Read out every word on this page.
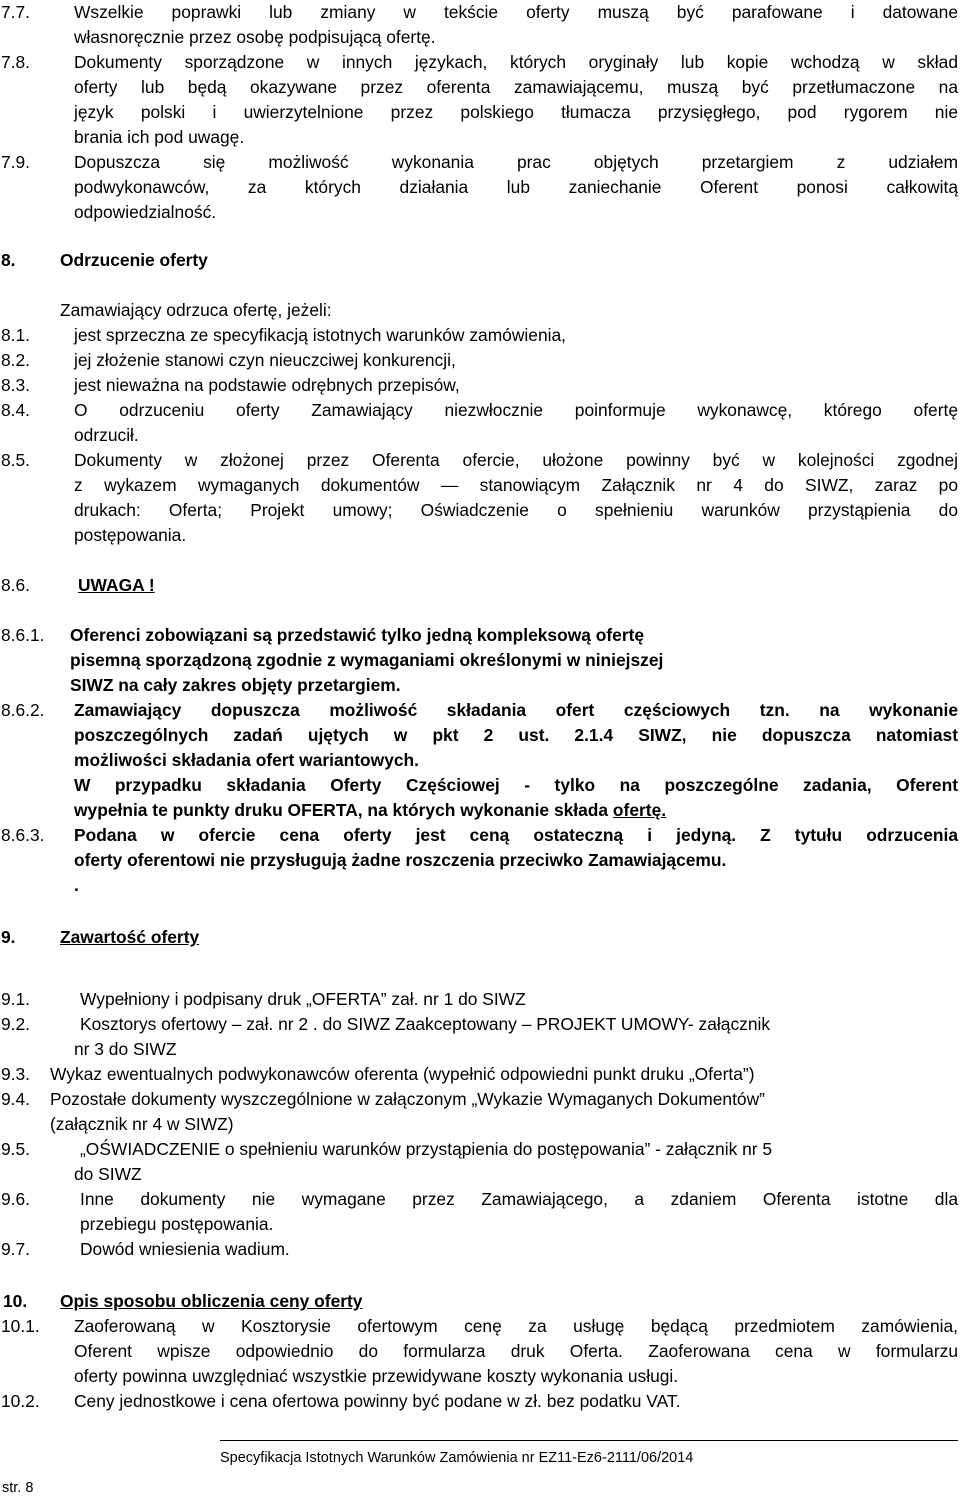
7.7.	Wszelkie poprawki lub zmiany w tekście oferty muszą być parafowane i datowane
własnoręcznie przez osobę podpisującą ofertę.
7.8.	Dokumenty sporządzone w innych językach, których oryginały lub kopie wchodzą w skład
oferty lub będą okazywane przez oferenta zamawiającemu, muszą być przetłumaczone na
język polski i uwierzytelnione przez polskiego tłumacza przysięgłego, pod rygorem nie
brania ich pod uwagę.
7.9.	Dopuszcza się możliwość wykonania prac objętych przetargiem z udziałem
podwykonawców, za których działania lub zaniechanie Oferent ponosi całkowitą
odpowiedzialność.
8.	Odrzucenie oferty
Zamawiający odrzuca ofertę, jeżeli:
8.1.	jest sprzeczna ze specyfikacją istotnych warunków zamówienia,
8.2.	jej złożenie stanowi czyn nieuczciwej konkurencji,
8.3.	jest nieważna na podstawie odrębnych przepisów,
8.4.	O odrzuceniu oferty Zamawiający niezwłocznie poinformuje wykonawcę, którego ofertę
odrzucił.
8.5.	Dokumenty w złożonej przez Oferenta ofercie, ułożone powinny być w kolejności zgodnej
z wykazem wymaganych dokumentów — stanowiącym Załącznik nr 4 do SIWZ, zaraz po
drukach: Oferta; Projekt umowy; Oświadczenie o spełnieniu warunków przystąpienia do
postępowania.
8.6.	UWAGA !
8.6.1. Oferenci zobowiązani są przedstawić tylko jedną kompleksową ofertę
pisemną sporządzoną zgodnie z wymaganiami określonymi w niniejszej
SIWZ na cały zakres objęty przetargiem.
8.6.2. Zamawiający dopuszcza możliwość składania ofert częściowych tzn. na wykonanie
poszczególnych zadań ujętych w pkt 2 ust. 2.1.4 SIWZ, nie dopuszcza natomiast
możliwości składania ofert wariantowych.
W przypadku składania Oferty Częściowej - tylko na poszczególne zadania, Oferent
wypełnia te punkty druku OFERTA, na których wykonanie składa ofertę.
8.6.3. Podana w ofercie cena oferty jest ceną ostateczną i jedyną. Z tytułu odrzucenia
oferty oferentowi nie przysługują żadne roszczenia przeciwko Zamawiającemu.
.
9.	Zawartość oferty
9.1.	Wypełniony i podpisany druk „OFERTA” zał. nr 1 do SIWZ
9.2.	Kosztorys ofertowy – zał. nr 2 . do SIWZ Zaakceptowany – PROJEKT UMOWY- załącznik
nr 3 do SIWZ
9.3. Wykaz ewentualnych podwykonawców oferenta (wypełnić odpowiedni punkt druku „Oferta”)
9.4. Pozostałe dokumenty wyszczególnione w załączonym „Wykazie Wymaganych Dokumentów”
(załącznik nr 4 w SIWZ)
9.5.	„OŚWIADCZENIE o spełnieniu warunków przystąpienia do postępowania” - załącznik nr 5
do SIWZ
9.6.	Inne dokumenty nie wymagane przez Zamawiającego, a zdaniem Oferenta istotne dla
przebiegu postępowania.
9.7.	Dowód wniesienia wadium.
10. Opis sposobu obliczenia ceny oferty
10.1. Zaoferowaną w Kosztorysie ofertowym cenę za usługę będącą przedmiotem zamówienia,
Oferent wpisze odpowiednio do formularza druk Oferta. Zaoferowana cena w formularzu
oferty powinna uwzględniać wszystkie przewidywane koszty wykonania usługi.
10.2. Ceny jednostkowe i cena ofertowa powinny być podane w zł. bez podatku VAT.
Specyfikacja Istotnych Warunków Zamówienia nr EZ11-Ez6-2111/06/2014
str. 8
